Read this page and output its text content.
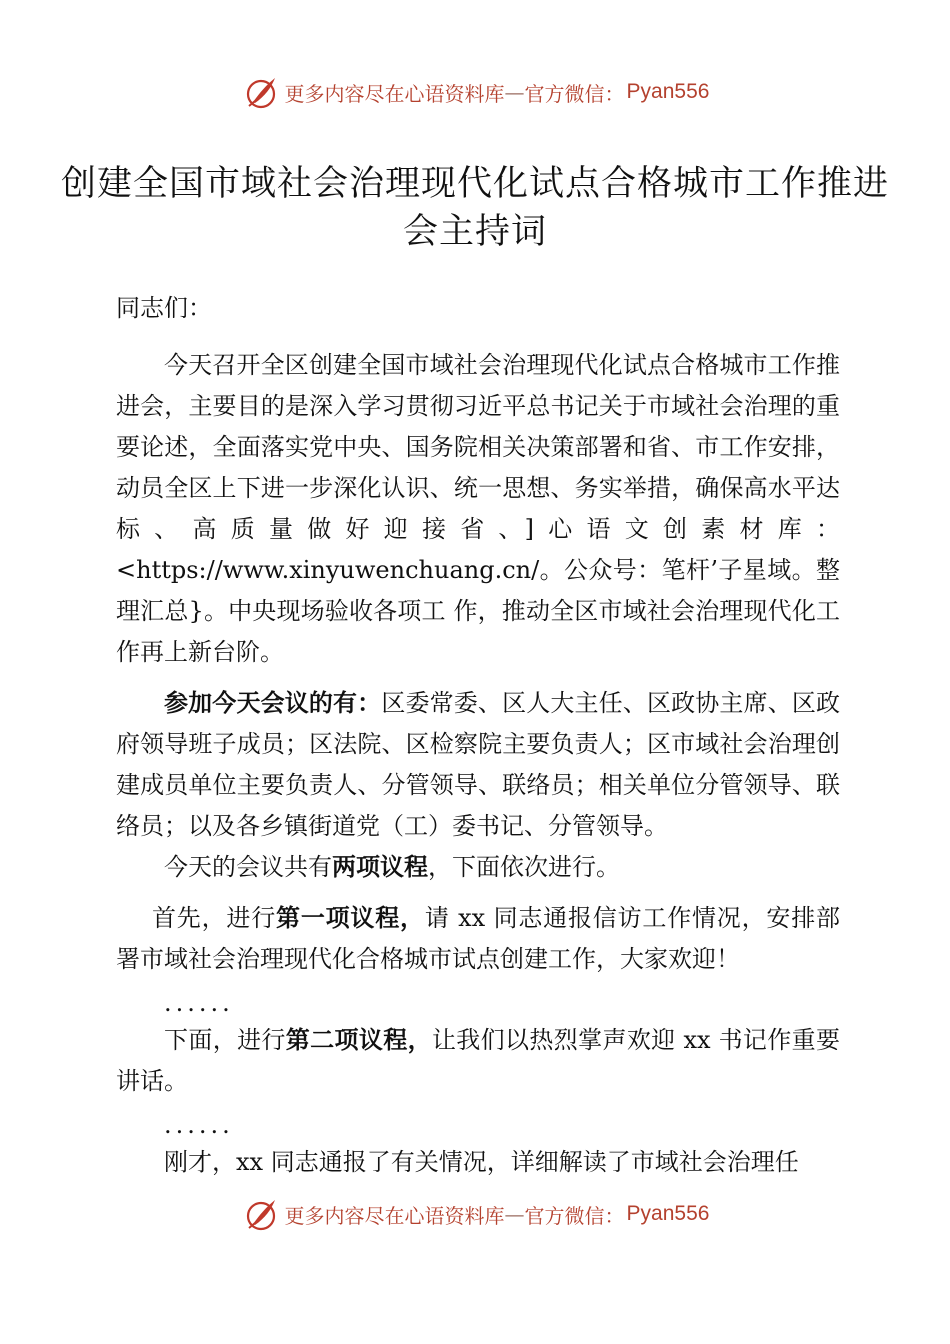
更多内容尽在心语资料库 — 官方微信： Pyan556
创建全国市域社会治理现代化试点合格城市工作推进会主持词

同志们：

今天召开全区创建全国市域社会治理现代化试点合格城市工作推进会，主要目的是深入学习贯彻习近平总书记关于市域社会治理的重要论述，全面落实党中央、国务院相关决策部署和省、市工作安排，动员全区上下进一步深化认识、统一思想、务实举措，确保高水平达标、高质量做好迎接省、]心语文创素材库：<https://www.xinyuwenchuang.cn/。公众号：笔杆’子星域。整理汇总}。中央现场验收各项工 作，推动全区市域社会治理现代化工作再上新台阶。

参加今天会议的有：区委常委、区人大主任、区政协主席、区政府领导班子成员；区法院、区检察院主要负责人；区市域社会治理创建成员单位主要负责人、分管领导、联络员；相关单位分管领导、联络员；以及各乡镇街道党（工）委书记、分管领导。

今天的会议共有两项议程，下面依次进行。

首先，进行第一项议程，请 xx 同志通报信访工作情况，安排部署市域社会治理现代化合格城市试点创建工作，大家欢迎！

......

下面，进行第二项议程，让我们以热烈掌声欢迎 xx 书记作重要讲话。

......

刚才，xx 同志通报了有关情况，详细解读了市域社会治理任

更多内容尽在心语资料库 — 官方微信： Pyan556
